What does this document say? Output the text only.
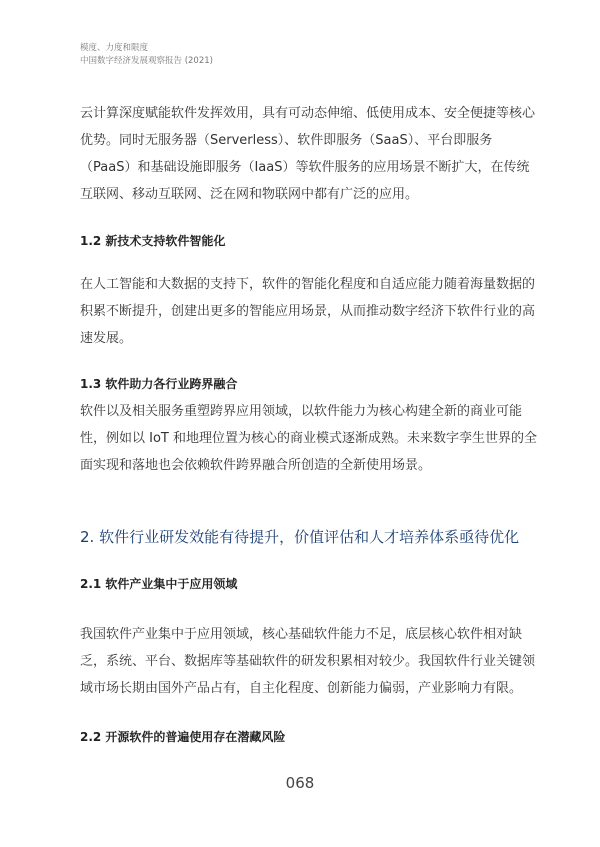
模度、力度和限度
中国数字经济发展观察报告 (2021)

云计算深度赋能软件发挥效用，具有可动态伸缩、低使用成本、安全便捷等核心优势。同时无服务器（Serverless）、软件即服务（SaaS）、平台即服务（PaaS）和基础设施即服务（IaaS）等软件服务的应用场景不断扩大，在传统互联网、移动互联网、泛在网和物联网中都有广泛的应用。

1.2 新技术支持软件智能化

在人工智能和大数据的支持下，软件的智能化程度和自适应能力随着海量数据的积累不断提升，创建出更多的智能应用场景，从而推动数字经济下软件行业的高速发展。

1.3 软件助力各行业跨界融合

软件以及相关服务重塑跨界应用领域，以软件能力为核心构建全新的商业可能性，例如以 IoT 和地理位置为核心的商业模式逐渐成熟。未来数字孪生世界的全面实现和落地也会依赖软件跨界融合所创造的全新使用场景。

2. 软件行业研发效能有待提升，价值评估和人才培养体系亟待优化
2.1 软件产业集中于应用领域

我国软件产业集中于应用领域，核心基础软件能力不足，底层核心软件相对缺乏，系统、平台、数据库等基础软件的研发积累相对较少。我国软件行业关键领域市场长期由国外产品占有，自主化程度、创新能力偏弱，产业影响力有限。

2.2 开源软件的普遍使用存在潜藏风险
068
